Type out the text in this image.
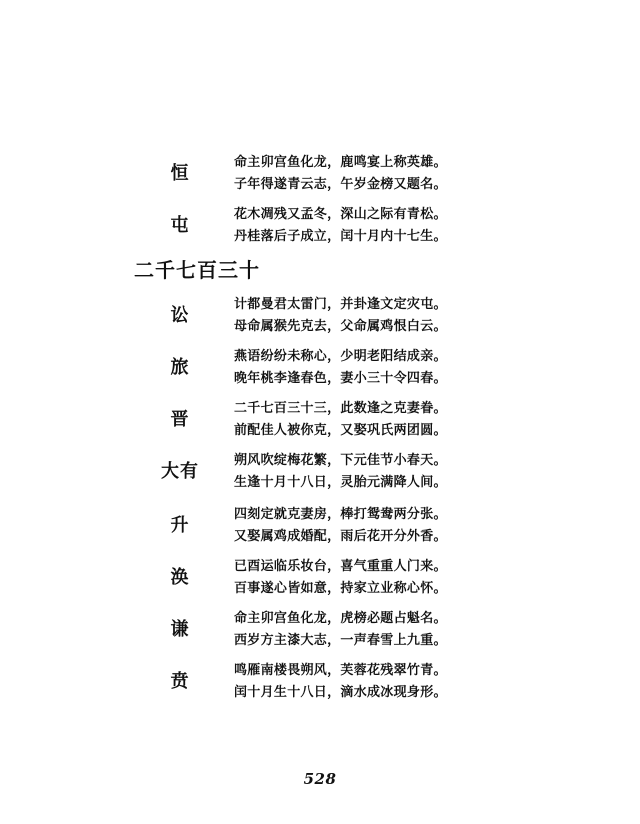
恒
命主卯宫鱼化龙，鹿鸣宴上称英雄。
子年得遂青云志，午岁金榜又题名。
屯
花木凋残又孟冬，深山之际有青松。
丹桂落后子成立，闰十月内十七生。
二千七百三十
讼
计都曼君太雷门，并卦逢文定灾屯。
母命属猴先克去，父命属鸡恨白云。
旅
燕语纷纷未称心，少明老阳结成亲。
晚年桃李逢春色，妻小三十令四春。
晋
二千七百三十三，此数逢之克妻眷。
前配佳人被你克，又娶巩氏两团圆。
大有
朔风吹绽梅花繁，下元佳节小春天。
生逢十月十八日，灵胎元满降人间。
升
四刻定就克妻房，棒打鸳鸯两分张。
又娶属鸡成婚配，雨后花开分外香。
涣
已酉运临乐妆台，喜气重重人门来。
百事遂心皆如意，持家立业称心怀。
谦
命主卯宫鱼化龙，虎榜必题占魁名。
西岁方主漆大志，一声春雪上九重。
贲
鸣雁南楼畏朔风，芙蓉花残翠竹青。
闰十月生十八日，滴水成冰现身形。
528
